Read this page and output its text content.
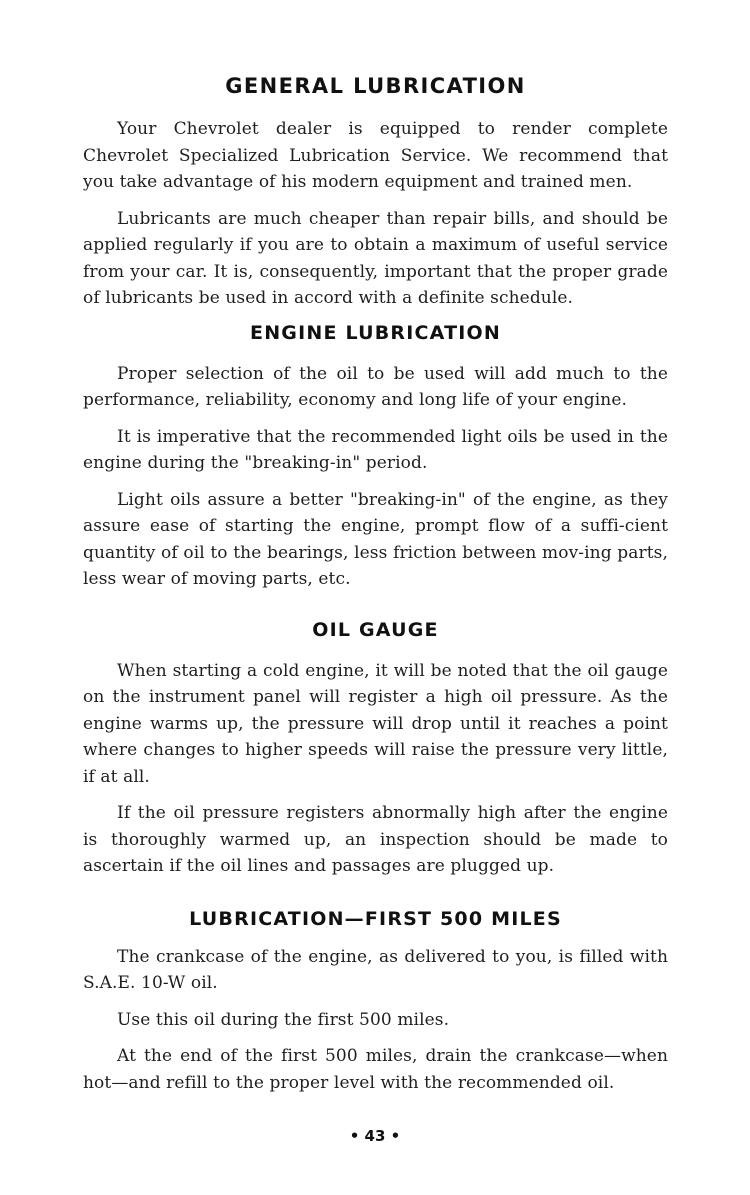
GENERAL LUBRICATION

Your Chevrolet dealer is equipped to render complete Chevrolet Specialized Lubrication Service. We recommend that you take advantage of his modern equipment and trained men.

Lubricants are much cheaper than repair bills, and should be applied regularly if you are to obtain a maximum of useful service from your car. It is, consequently, important that the proper grade of lubricants be used in accord with a definite schedule.

ENGINE LUBRICATION

Proper selection of the oil to be used will add much to the performance, reliability, economy and long life of your engine.

It is imperative that the recommended light oils be used in the engine during the "breaking-in" period.

Light oils assure a better "breaking-in" of the engine, as they assure ease of starting the engine, prompt flow of a suffi-cient quantity of oil to the bearings, less friction between mov-ing parts, less wear of moving parts, etc.

OIL GAUGE

When starting a cold engine, it will be noted that the oil gauge on the instrument panel will register a high oil pressure. As the engine warms up, the pressure will drop until it reaches a point where changes to higher speeds will raise the pressure very little, if at all.

If the oil pressure registers abnormally high after the engine is thoroughly warmed up, an inspection should be made to ascertain if the oil lines and passages are plugged up.

LUBRICATION—FIRST 500 MILES

The crankcase of the engine, as delivered to you, is filled with S.A.E. 10-W oil.

Use this oil during the first 500 miles.

At the end of the first 500 miles, drain the crankcase—when hot—and refill to the proper level with the recommended oil.

• 43 •
